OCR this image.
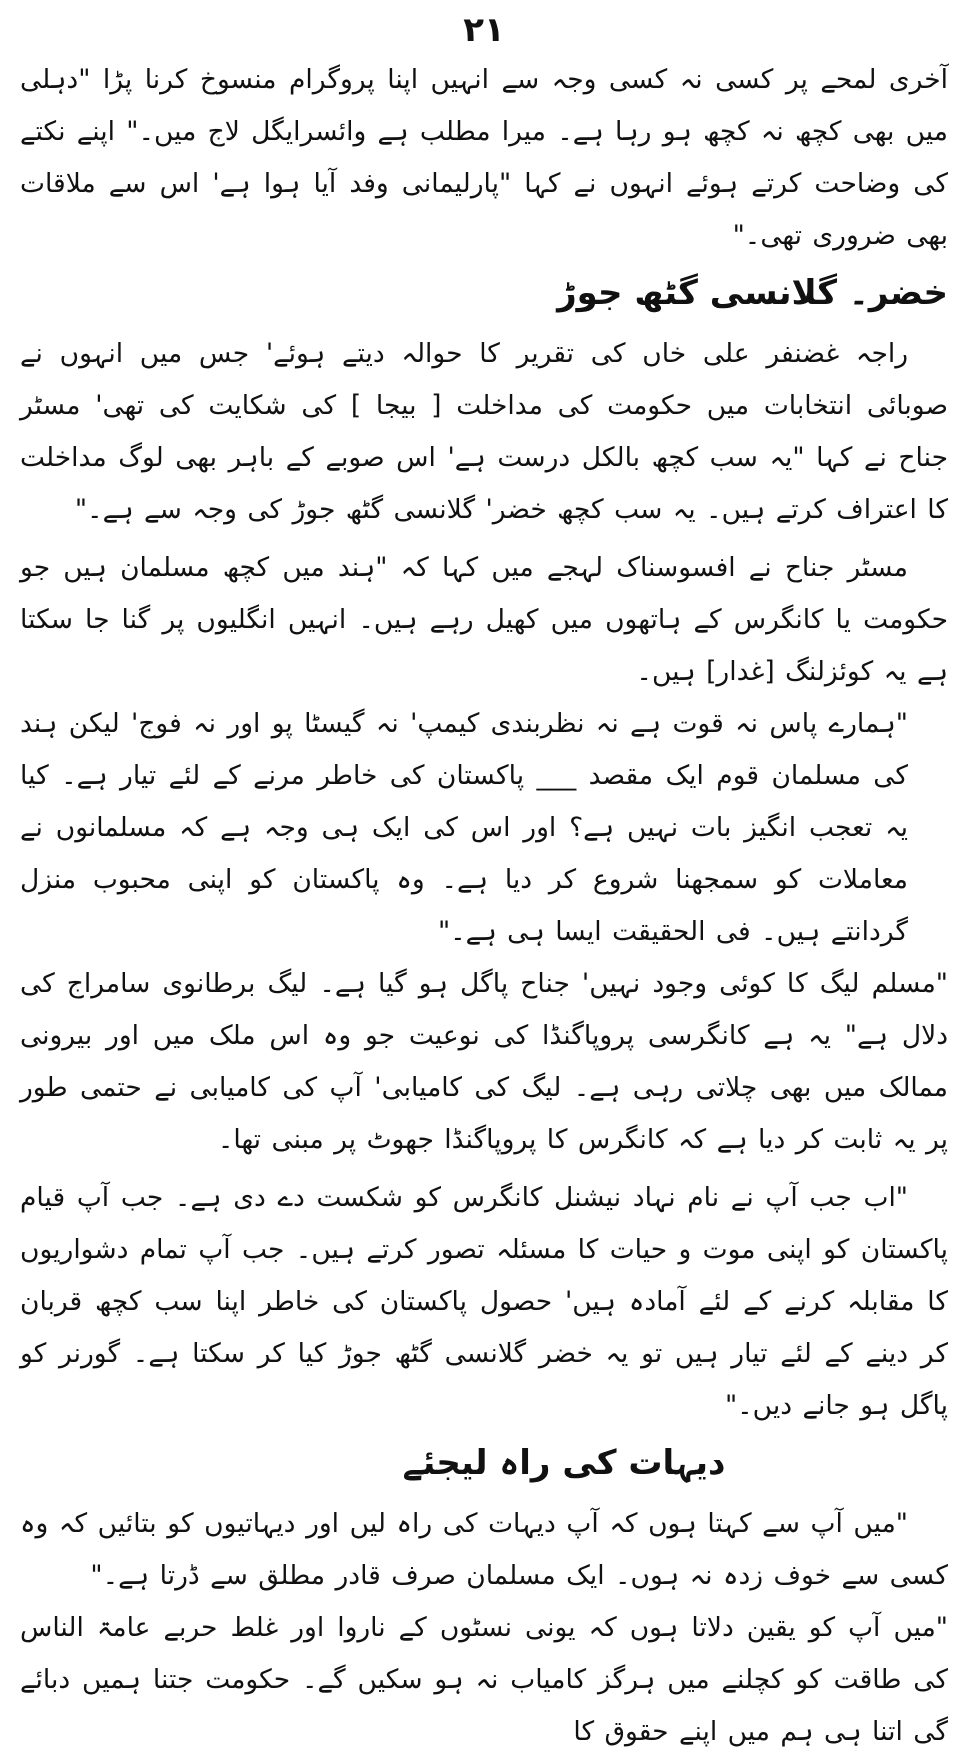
۲۱

آخری لمحے پر کسی نہ کسی وجہ سے انہیں اپنا پروگرام منسوخ کرنا پڑا "دہلی میں بھی کچھ نہ کچھ ہو رہا ہے۔ میرا مطلب ہے وائسرایگل لاج میں۔" اپنے نکتے کی وضاحت کرتے ہوئے انہوں نے کہا "پارلیمانی وفد آیا ہوا ہے' اس سے ملاقات بھی ضروری تھی۔"

خضر۔ گلانسی گٹھ جوڑ

راجہ غضنفر علی خاں کی تقریر کا حوالہ دیتے ہوئے' جس میں انہوں نے صوبائی انتخابات میں حکومت کی مداخلت [ بیجا ] کی شکایت کی تھی' مسٹر جناح نے کہا "یہ سب کچھ بالکل درست ہے' اس صوبے کے باہر بھی لوگ مداخلت کا اعتراف کرتے ہیں۔ یہ سب کچھ خضر' گلانسی گٹھ جوڑ کی وجہ سے ہے۔"

مسٹر جناح نے افسوسناک لہجے میں کہا کہ "ہند میں کچھ مسلمان ہیں جو حکومت یا کانگرس کے ہاتھوں میں کھیل رہے ہیں۔ انہیں انگلیوں پر گنا جا سکتا ہے یہ کوئزلنگ [غدار] ہیں۔

"ہمارے پاس نہ قوت ہے نہ نظربندی کیمپ' نہ گیسٹا پو اور نہ فوج' لیکن ہند کی مسلمان قوم ایک مقصد ___ پاکستان کی خاطر مرنے کے لئے تیار ہے۔ کیا یہ تعجب انگیز بات نہیں ہے؟ اور اس کی ایک ہی وجہ ہے کہ مسلمانوں نے معاملات کو سمجھنا شروع کر دیا ہے۔ وہ پاکستان کو اپنی محبوب منزل گردانتے ہیں۔ فی الحقیقت ایسا ہی ہے۔"

"مسلم لیگ کا کوئی وجود نہیں' جناح پاگل ہو گیا ہے۔ لیگ برطانوی سامراج کی دلال ہے" یہ ہے کانگرسی پروپاگنڈا کی نوعیت جو وہ اس ملک میں اور بیرونی ممالک میں بھی چلاتی رہی ہے۔ لیگ کی کامیابی' آپ کی کامیابی نے حتمی طور پر یہ ثابت کر دیا ہے کہ کانگرس کا پروپاگنڈا جھوٹ پر مبنی تھا۔

"اب جب آپ نے نام نہاد نیشنل کانگرس کو شکست دے دی ہے۔ جب آپ قیام پاکستان کو اپنی موت و حیات کا مسئلہ تصور کرتے ہیں۔ جب آپ تمام دشواریوں کا مقابلہ کرنے کے لئے آمادہ ہیں' حصول پاکستان کی خاطر اپنا سب کچھ قربان کر دینے کے لئے تیار ہیں تو یہ خضر گلانسی گٹھ جوڑ کیا کر سکتا ہے۔ گورنر کو پاگل ہو جانے دیں۔"

دیہات کی راہ لیجئے

"میں آپ سے کہتا ہوں کہ آپ دیہات کی راہ لیں اور دیہاتیوں کو بتائیں کہ وہ کسی سے خوف زدہ نہ ہوں۔ ایک مسلمان صرف قادر مطلق سے ڈرتا ہے۔"

"میں آپ کو یقین دلاتا ہوں کہ یونی نسٹوں کے ناروا اور غلط حربے عامۃ الناس کی طاقت کو کچلنے میں ہرگز کامیاب نہ ہو سکیں گے۔ حکومت جتنا ہمیں دبائے گی اتنا ہی ہم میں اپنے حقوق کا
